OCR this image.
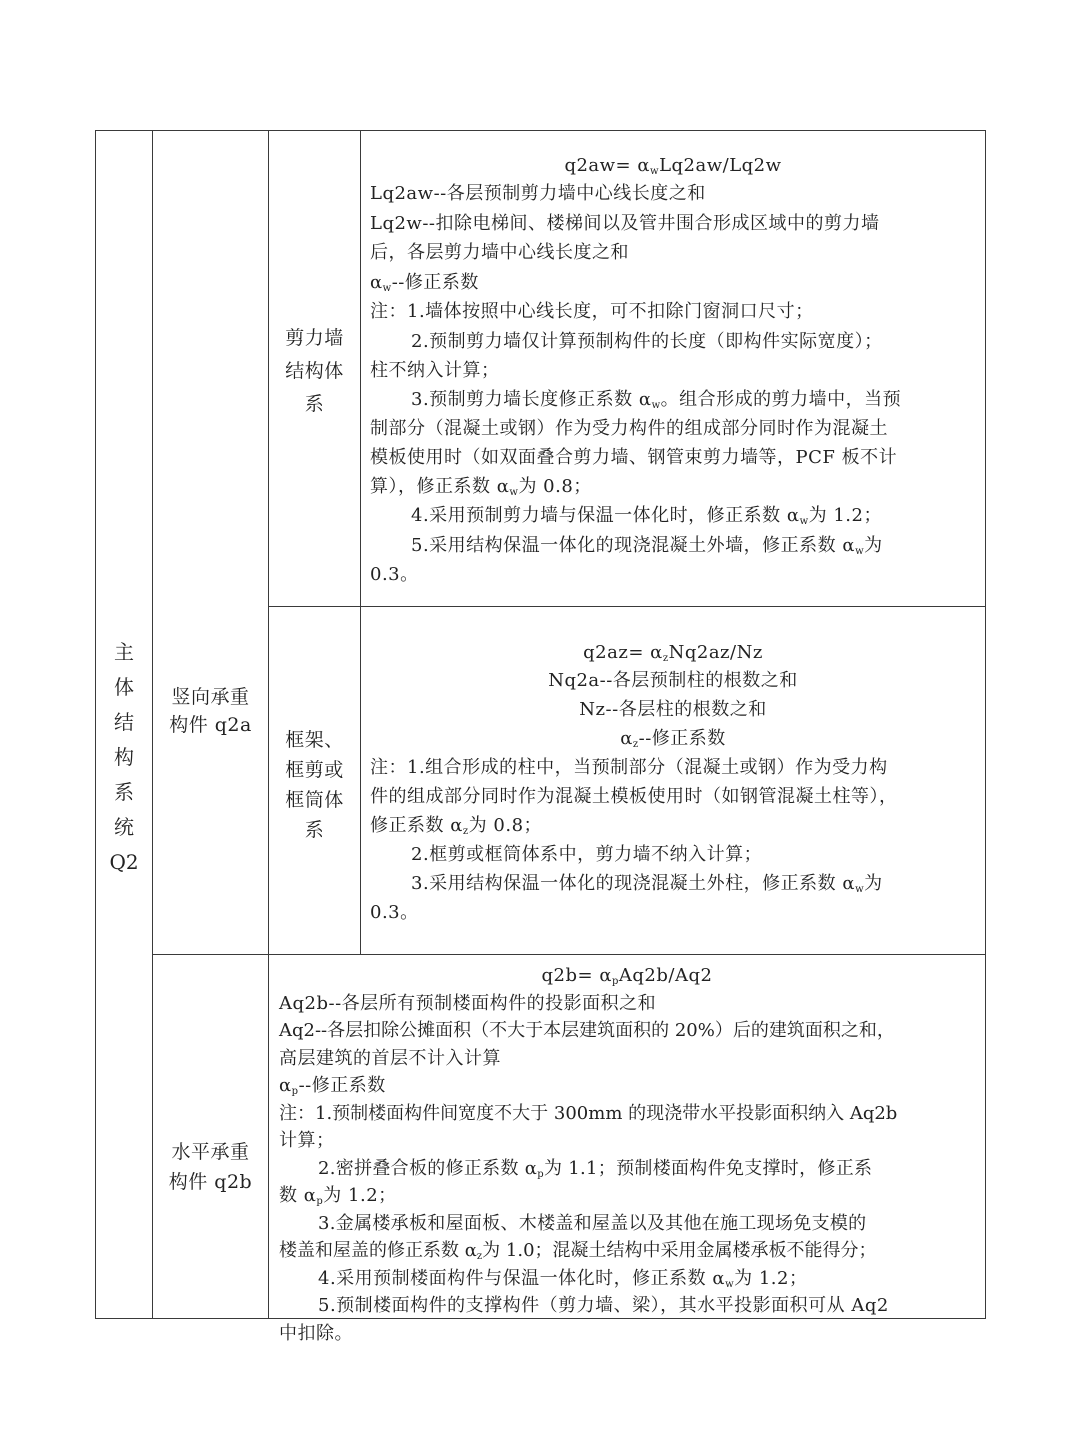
主
体
结
构
系
统
Q2
竖向承重
构件 q2a
水平承重
构件 q2b
剪力墙
结构体
系
框架、
框剪或
框筒体
系
$q2aw= \alpha_wLq2aw/Lq2w$
Lq2aw--各层预制剪力墙中心线长度之和
Lq2w--扣除电梯间、楼梯间以及管井围合形成区域中的剪力墙
后，各层剪力墙中心线长度之和
$\alpha_w--$修正系数
注：1.墙体按照中心线长度，可不扣除门窗洞口尺寸；
2.预制剪力墙仅计算预制构件的长度（即构件实际宽度）；
柱不纳入计算；
3.预制剪力墙长度修正系数 $\alpha_w$。组合形成的剪力墙中，当预
制部分（混凝土或钢）作为受力构件的组成部分同时作为混凝土
模板使用时（如双面叠合剪力墙、钢管束剪力墙等，PCF 板不计
算），修正系数 $\alpha_w$为 0.8；
4.采用预制剪力墙与保温一体化时，修正系数 $\alpha_w$为 1.2；
5.采用结构保温一体化的现浇混凝土外墙，修正系数 $\alpha_w$为
0.3。
$q2az= \alpha_zNq2az/Nz$
Nq2a--各层预制柱的根数之和
Nz--各层柱的根数之和
$\alpha_z--$修正系数
注：1.组合形成的柱中，当预制部分（混凝土或钢）作为受力构
件的组成部分同时作为混凝土模板使用时（如钢管混凝土柱等），
修正系数 $\alpha_z$为 0.8；
2.框剪或框筒体系中，剪力墙不纳入计算；
3.采用结构保温一体化的现浇混凝土外柱，修正系数 $\alpha_w$为
0.3。
$q2b= \alpha_pAq2b/Aq2$
Aq2b--各层所有预制楼面构件的投影面积之和
Aq2--各层扣除公摊面积（不大于本层建筑面积的 20%）后的建筑面积之和，
高层建筑的首层不计入计算
$\alpha_p--$修正系数
注：1.预制楼面构件间宽度不大于 300mm 的现浇带水平投影面积纳入 Aq2b
计算；
2.密拼叠合板的修正系数 $\alpha_p$为 1.1；预制楼面构件免支撑时，修正系
数 $\alpha_p$为 1.2；
3.金属楼承板和屋面板、木楼盖和屋盖以及其他在施工现场免支模的
楼盖和屋盖的修正系数 $\alpha_z$为 1.0；混凝土结构中采用金属楼承板不能得分；
4.采用预制楼面构件与保温一体化时，修正系数 $\alpha_w$为 1.2；
5.预制楼面构件的支撑构件（剪力墙、梁），其水平投影面积可从 Aq2
中扣除。
